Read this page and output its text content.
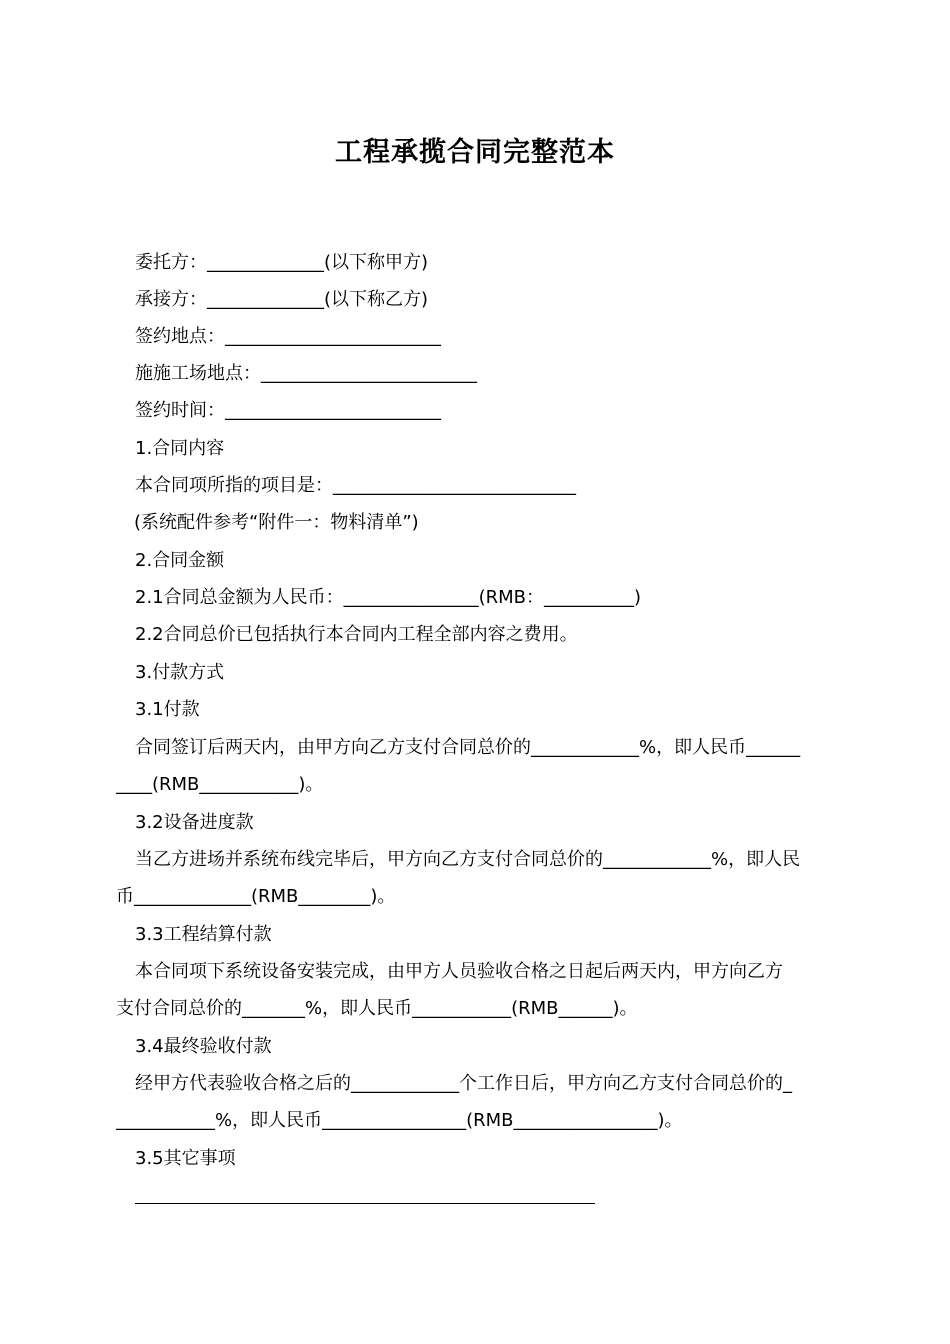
工程承揽合同完整范本

委托方：_____________(以下称甲方)

承接方：_____________(以下称乙方)

签约地点：________________________

施施工场地点：________________________

签约时间：________________________

1.合同内容

本合同项所指的项目是：___________________________

(系统配件参考“附件一：物料清单”)

2.合同金额

2.1合同总金额为人民币：_______________(RMB：__________)

2.2合同总价已包括执行本合同内工程全部内容之费用。

3.付款方式

3.1付款

合同签订后两天内，由甲方向乙方支付合同总价的____________%，即人民币______

____(RMB___________)。

3.2设备进度款

当乙方进场并系统布线完毕后，甲方向乙方支付合同总价的____________%，即人民

币_____________(RMB________)。

3.3工程结算付款

本合同项下系统设备安装完成，由甲方人员验收合格之日起后两天内，甲方向乙方

支付合同总价的_______%，即人民币___________(RMB______)。

3.4最终验收付款

经甲方代表验收合格之后的____________个工作日后，甲方向乙方支付合同总价的_

___________%，即人民币________________(RMB________________)。

3.5其它事项
